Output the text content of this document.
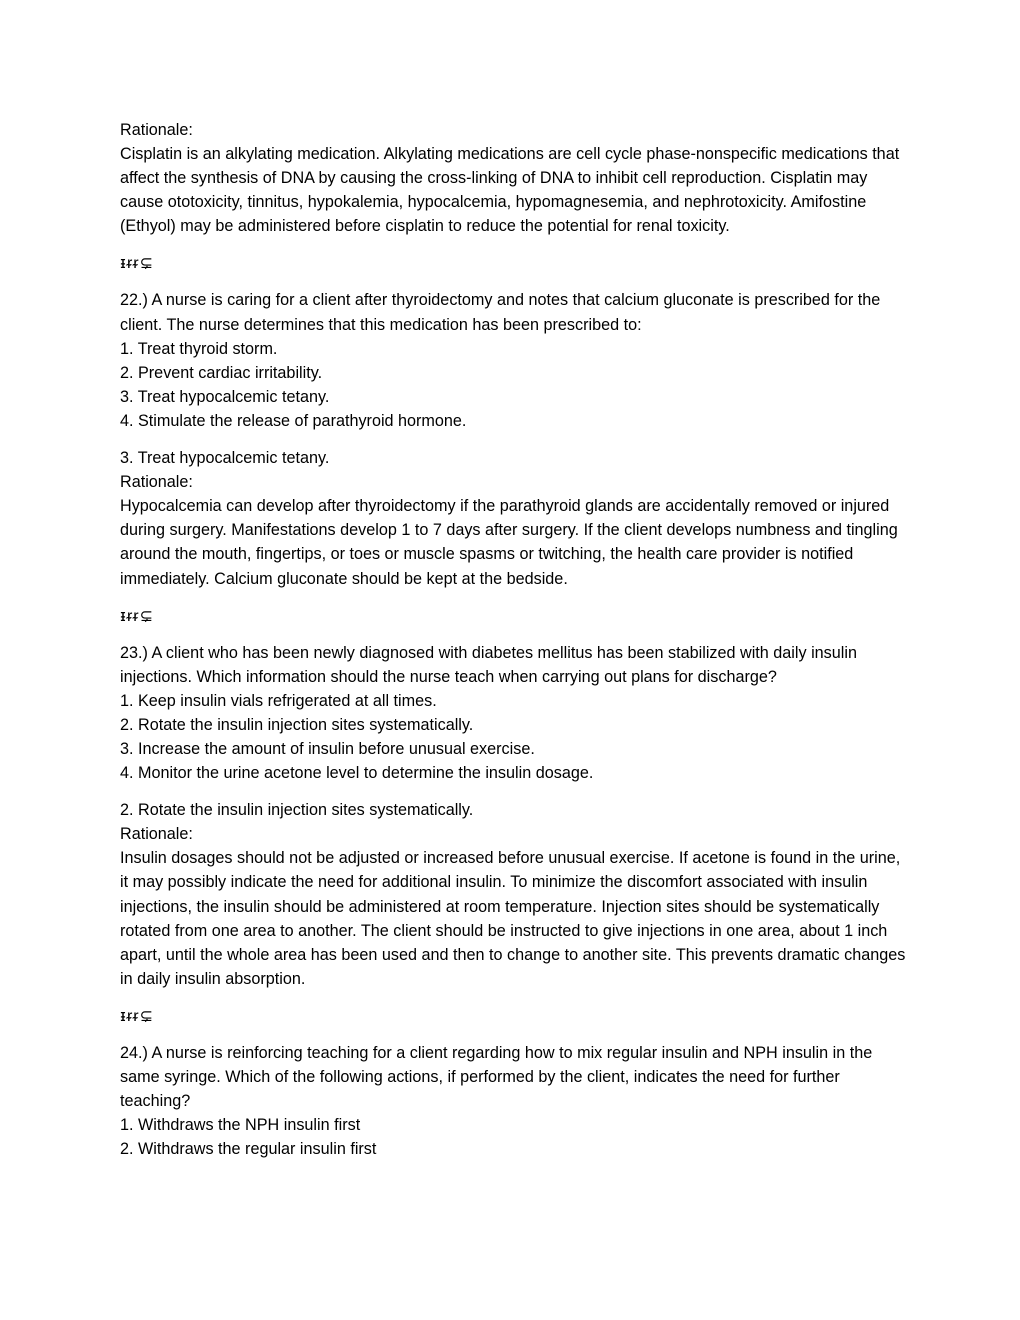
Rationale:
Cisplatin is an alkylating medication. Alkylating medications are cell cycle phase-nonspecific medications that affect the synthesis of DNA by causing the cross-linking of DNA to inhibit cell reproduction. Cisplatin may cause ototoxicity, tinnitus, hypokalemia, hypocalcemia, hypomagnesemia, and nephrotoxicity. Amifostine (Ethyol) may be administered before cisplatin to reduce the potential for renal toxicity.
ᵻᵲᵲ⊊
22.) A nurse is caring for a client after thyroidectomy and notes that calcium gluconate is prescribed for the client. The nurse determines that this medication has been prescribed to:
1. Treat thyroid storm.
2. Prevent cardiac irritability.
3. Treat hypocalcemic tetany.
4. Stimulate the release of parathyroid hormone.
3. Treat hypocalcemic tetany.
Rationale:
Hypocalcemia can develop after thyroidectomy if the parathyroid glands are accidentally removed or injured during surgery. Manifestations develop 1 to 7 days after surgery. If the client develops numbness and tingling around the mouth, fingertips, or toes or muscle spasms or twitching, the health care provider is notified immediately. Calcium gluconate should be kept at the bedside.
ᵻᵲᵲ⊊
23.) A client who has been newly diagnosed with diabetes mellitus has been stabilized with daily insulin injections. Which information should the nurse teach when carrying out plans for discharge?
1. Keep insulin vials refrigerated at all times.
2. Rotate the insulin injection sites systematically.
3. Increase the amount of insulin before unusual exercise.
4. Monitor the urine acetone level to determine the insulin dosage.
2. Rotate the insulin injection sites systematically.
Rationale:
Insulin dosages should not be adjusted or increased before unusual exercise. If acetone is found in the urine, it may possibly indicate the need for additional insulin. To minimize the discomfort associated with insulin injections, the insulin should be administered at room temperature. Injection sites should be systematically rotated from one area to another. The client should be instructed to give injections in one area, about 1 inch apart, until the whole area has been used and then to change to another site. This prevents dramatic changes in daily insulin absorption.
ᵻᵲᵲ⊊
24.) A nurse is reinforcing teaching for a client regarding how to mix regular insulin and NPH insulin in the same syringe. Which of the following actions, if performed by the client, indicates the need for further teaching?
1. Withdraws the NPH insulin first
2. Withdraws the regular insulin first
